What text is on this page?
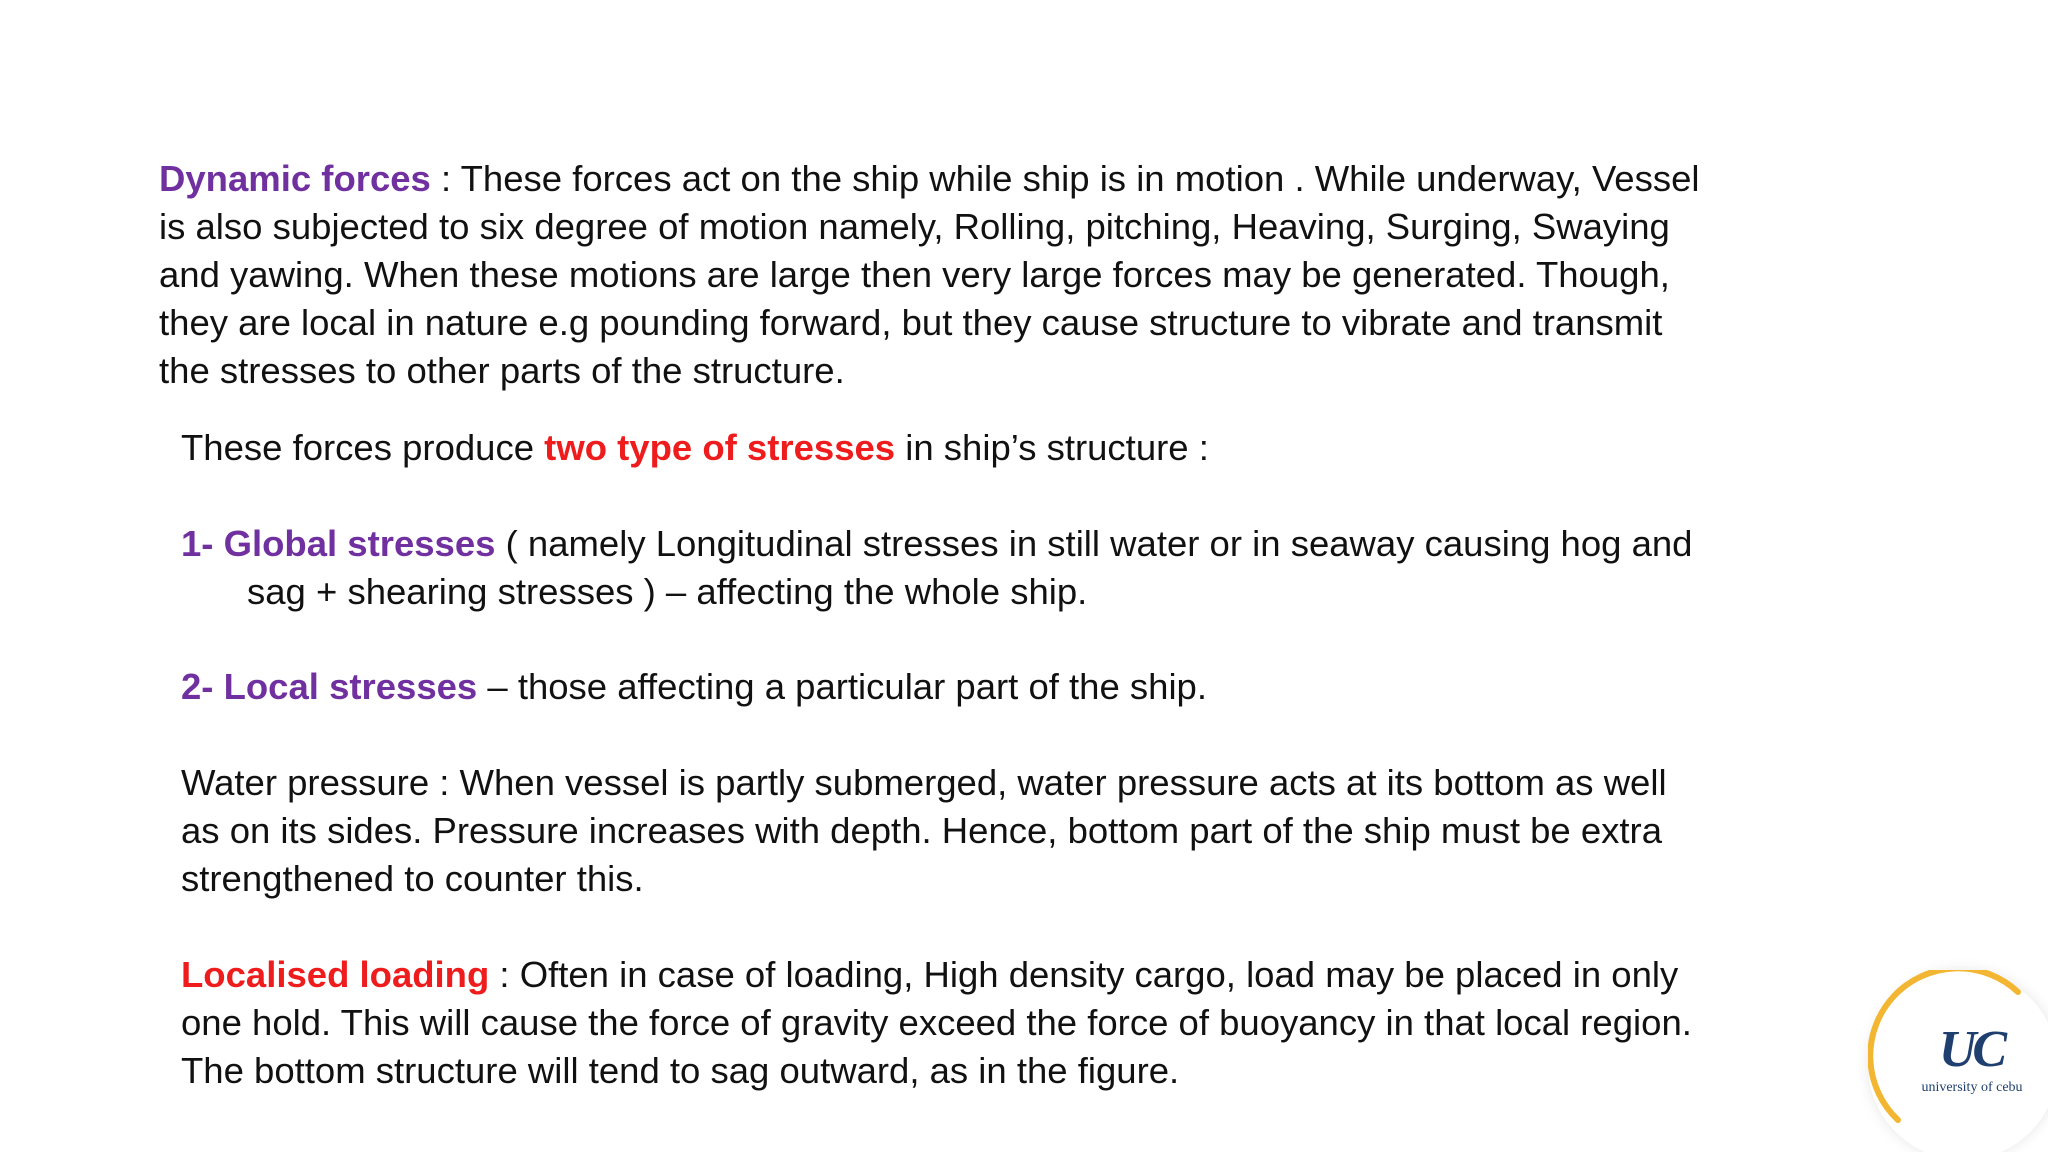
Dynamic forces : These forces act on the ship while ship is in motion . While underway, Vessel
is also subjected to six degree of motion namely, Rolling, pitching, Heaving, Surging, Swaying
and yawing. When these motions are large then very large forces may be generated. Though,
they are local in nature e.g pounding forward, but they cause structure to vibrate and transmit
the stresses to other parts of the structure.

These forces produce two type of stresses in ship’s structure :

1- Global stresses ( namely Longitudinal stresses in still water or in seaway causing hog and
sag + shearing stresses ) – affecting the whole ship.

2- Local stresses – those affecting a particular part of the ship.

Water pressure : When vessel is partly submerged, water pressure acts at its bottom as well
as on its sides. Pressure increases with depth. Hence, bottom part of the ship must be extra
strengthened to counter this.

Localised loading : Often in case of loading, High density cargo, load may be placed in only
one hold. This will cause the force of gravity exceed the force of buoyancy in that local region.
The bottom structure will tend to sag outward, as in the figure.	UC
university of cebu
